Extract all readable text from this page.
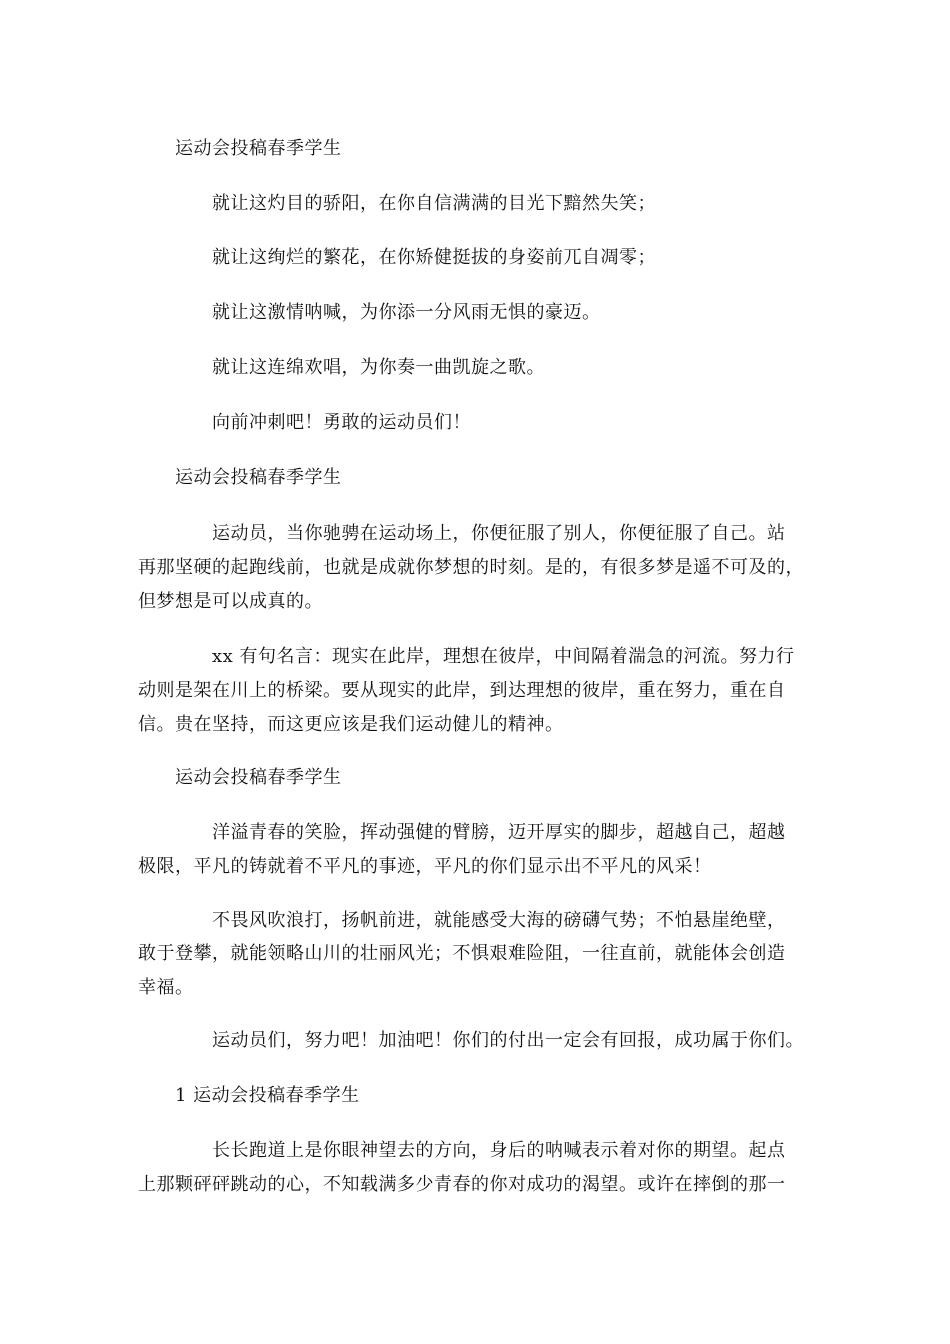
运动会投稿春季学生
就让这灼目的骄阳，在你自信满满的目光下黯然失笑；
就让这绚烂的繁花，在你矫健挺拔的身姿前兀自凋零；
就让这激情呐喊，为你添一分风雨无惧的豪迈。
就让这连绵欢唱，为你奏一曲凯旋之歌。
向前冲刺吧！勇敢的运动员们！
运动会投稿春季学生
运动员，当你驰骋在运动场上，你便征服了别人，你便征服了自己。站
再那坚硬的起跑线前，也就是成就你梦想的时刻。是的，有很多梦是遥不可及的，
但梦想是可以成真的。
xx 有句名言：现实在此岸，理想在彼岸，中间隔着湍急的河流。努力行
动则是架在川上的桥梁。要从现实的此岸，到达理想的彼岸，重在努力，重在自
信。贵在坚持，而这更应该是我们运动健儿的精神。
运动会投稿春季学生
洋溢青春的笑脸，挥动强健的臂膀，迈开厚实的脚步，超越自己，超越
极限，平凡的铸就着不平凡的事迹，平凡的你们显示出不平凡的风采！
不畏风吹浪打，扬帆前进，就能感受大海的磅礴气势；不怕悬崖绝壁，
敢于登攀，就能领略山川的壮丽风光；不惧艰难险阻，一往直前，就能体会创造
幸福。
运动员们，努力吧！加油吧！你们的付出一定会有回报，成功属于你们。
1 运动会投稿春季学生
长长跑道上是你眼神望去的方向，身后的呐喊表示着对你的期望。起点
上那颗砰砰跳动的心，不知载满多少青春的你对成功的渴望。或许在摔倒的那一
